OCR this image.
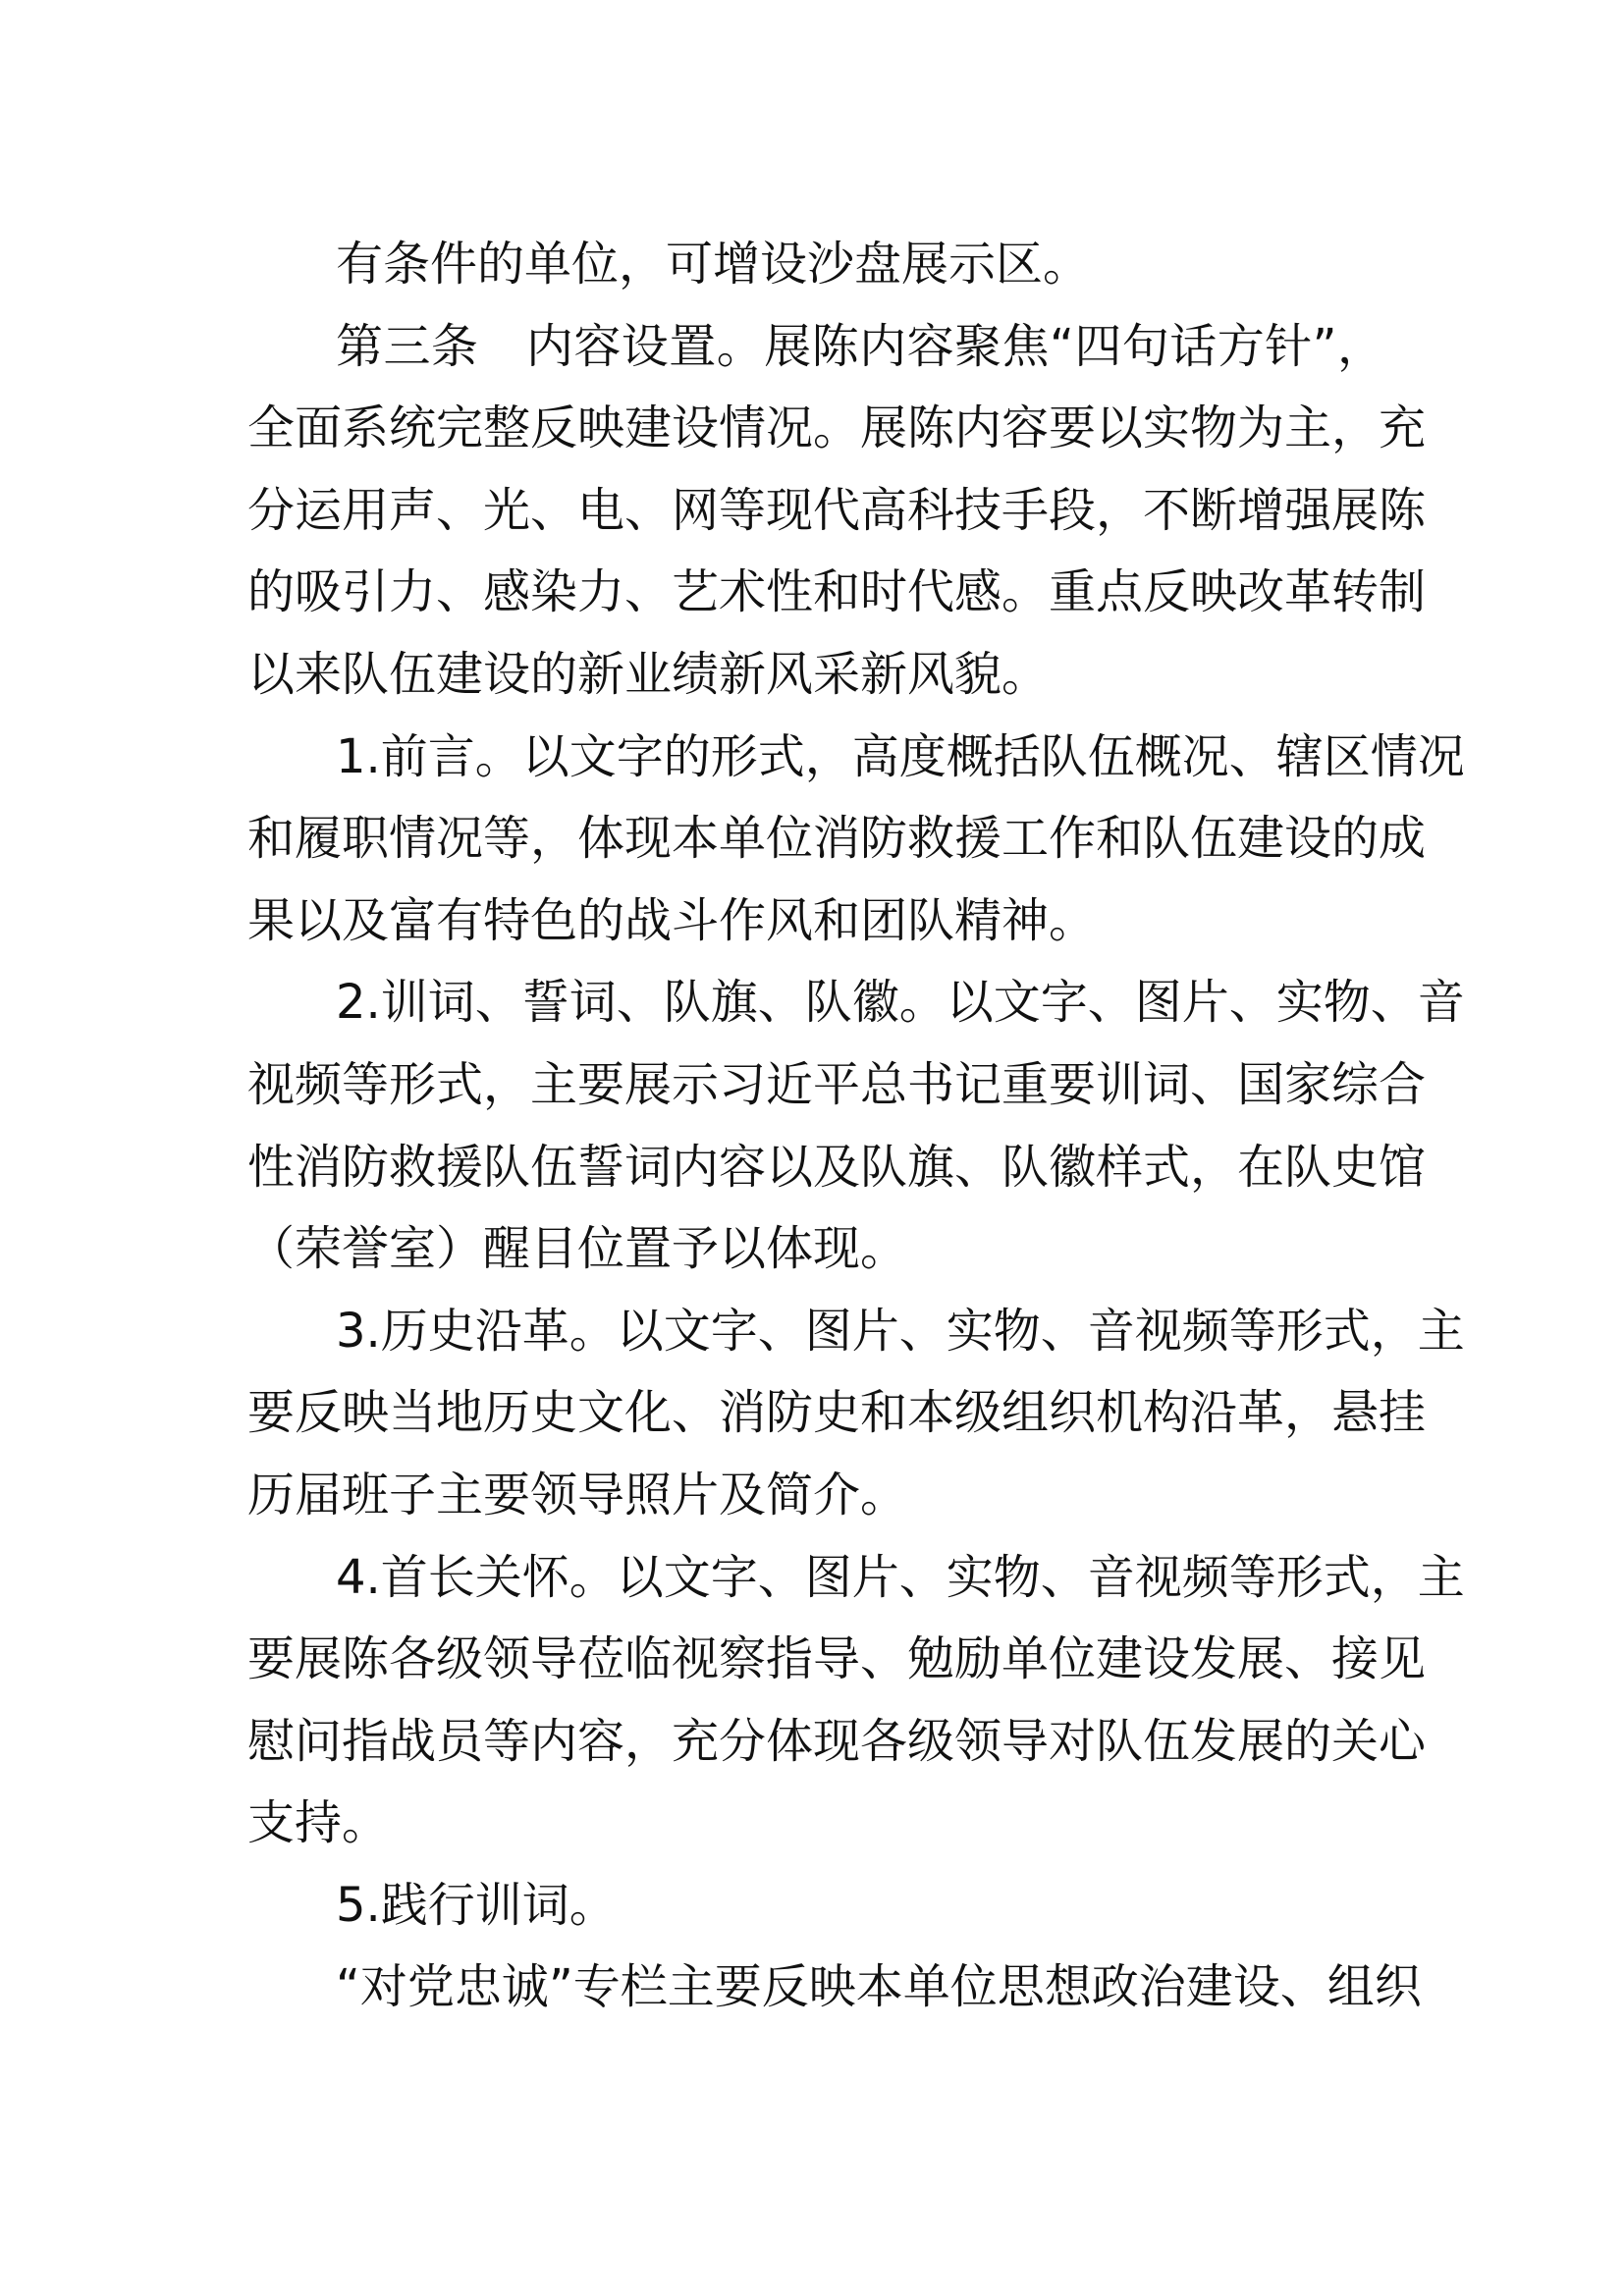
有条件的单位，可增设沙盘展示区。
第三条　内容设置。展陈内容聚焦“四句话方针”，
全面系统完整反映建设情况。展陈内容要以实物为主，充
分运用声、光、电、网等现代高科技手段，不断增强展陈
的吸引力、感染力、艺术性和时代感。重点反映改革转制
以来队伍建设的新业绩新风采新风貌。
1.前言。以文字的形式，高度概括队伍概况、辖区情况
和履职情况等，体现本单位消防救援工作和队伍建设的成
果以及富有特色的战斗作风和团队精神。
2.训词、誓词、队旗、队徽。以文字、图片、实物、音
视频等形式，主要展示习近平总书记重要训词、国家综合
性消防救援队伍誓词内容以及队旗、队徽样式，在队史馆
（荣誉室）醒目位置予以体现。
3.历史沿革。以文字、图片、实物、音视频等形式，主
要反映当地历史文化、消防史和本级组织机构沿革，悬挂
历届班子主要领导照片及简介。
4.首长关怀。以文字、图片、实物、音视频等形式，主
要展陈各级领导莅临视察指导、勉励单位建设发展、接见
慰问指战员等内容，充分体现各级领导对队伍发展的关心
支持。
5.践行训词。
“对党忠诚”专栏主要反映本单位思想政治建设、组织
